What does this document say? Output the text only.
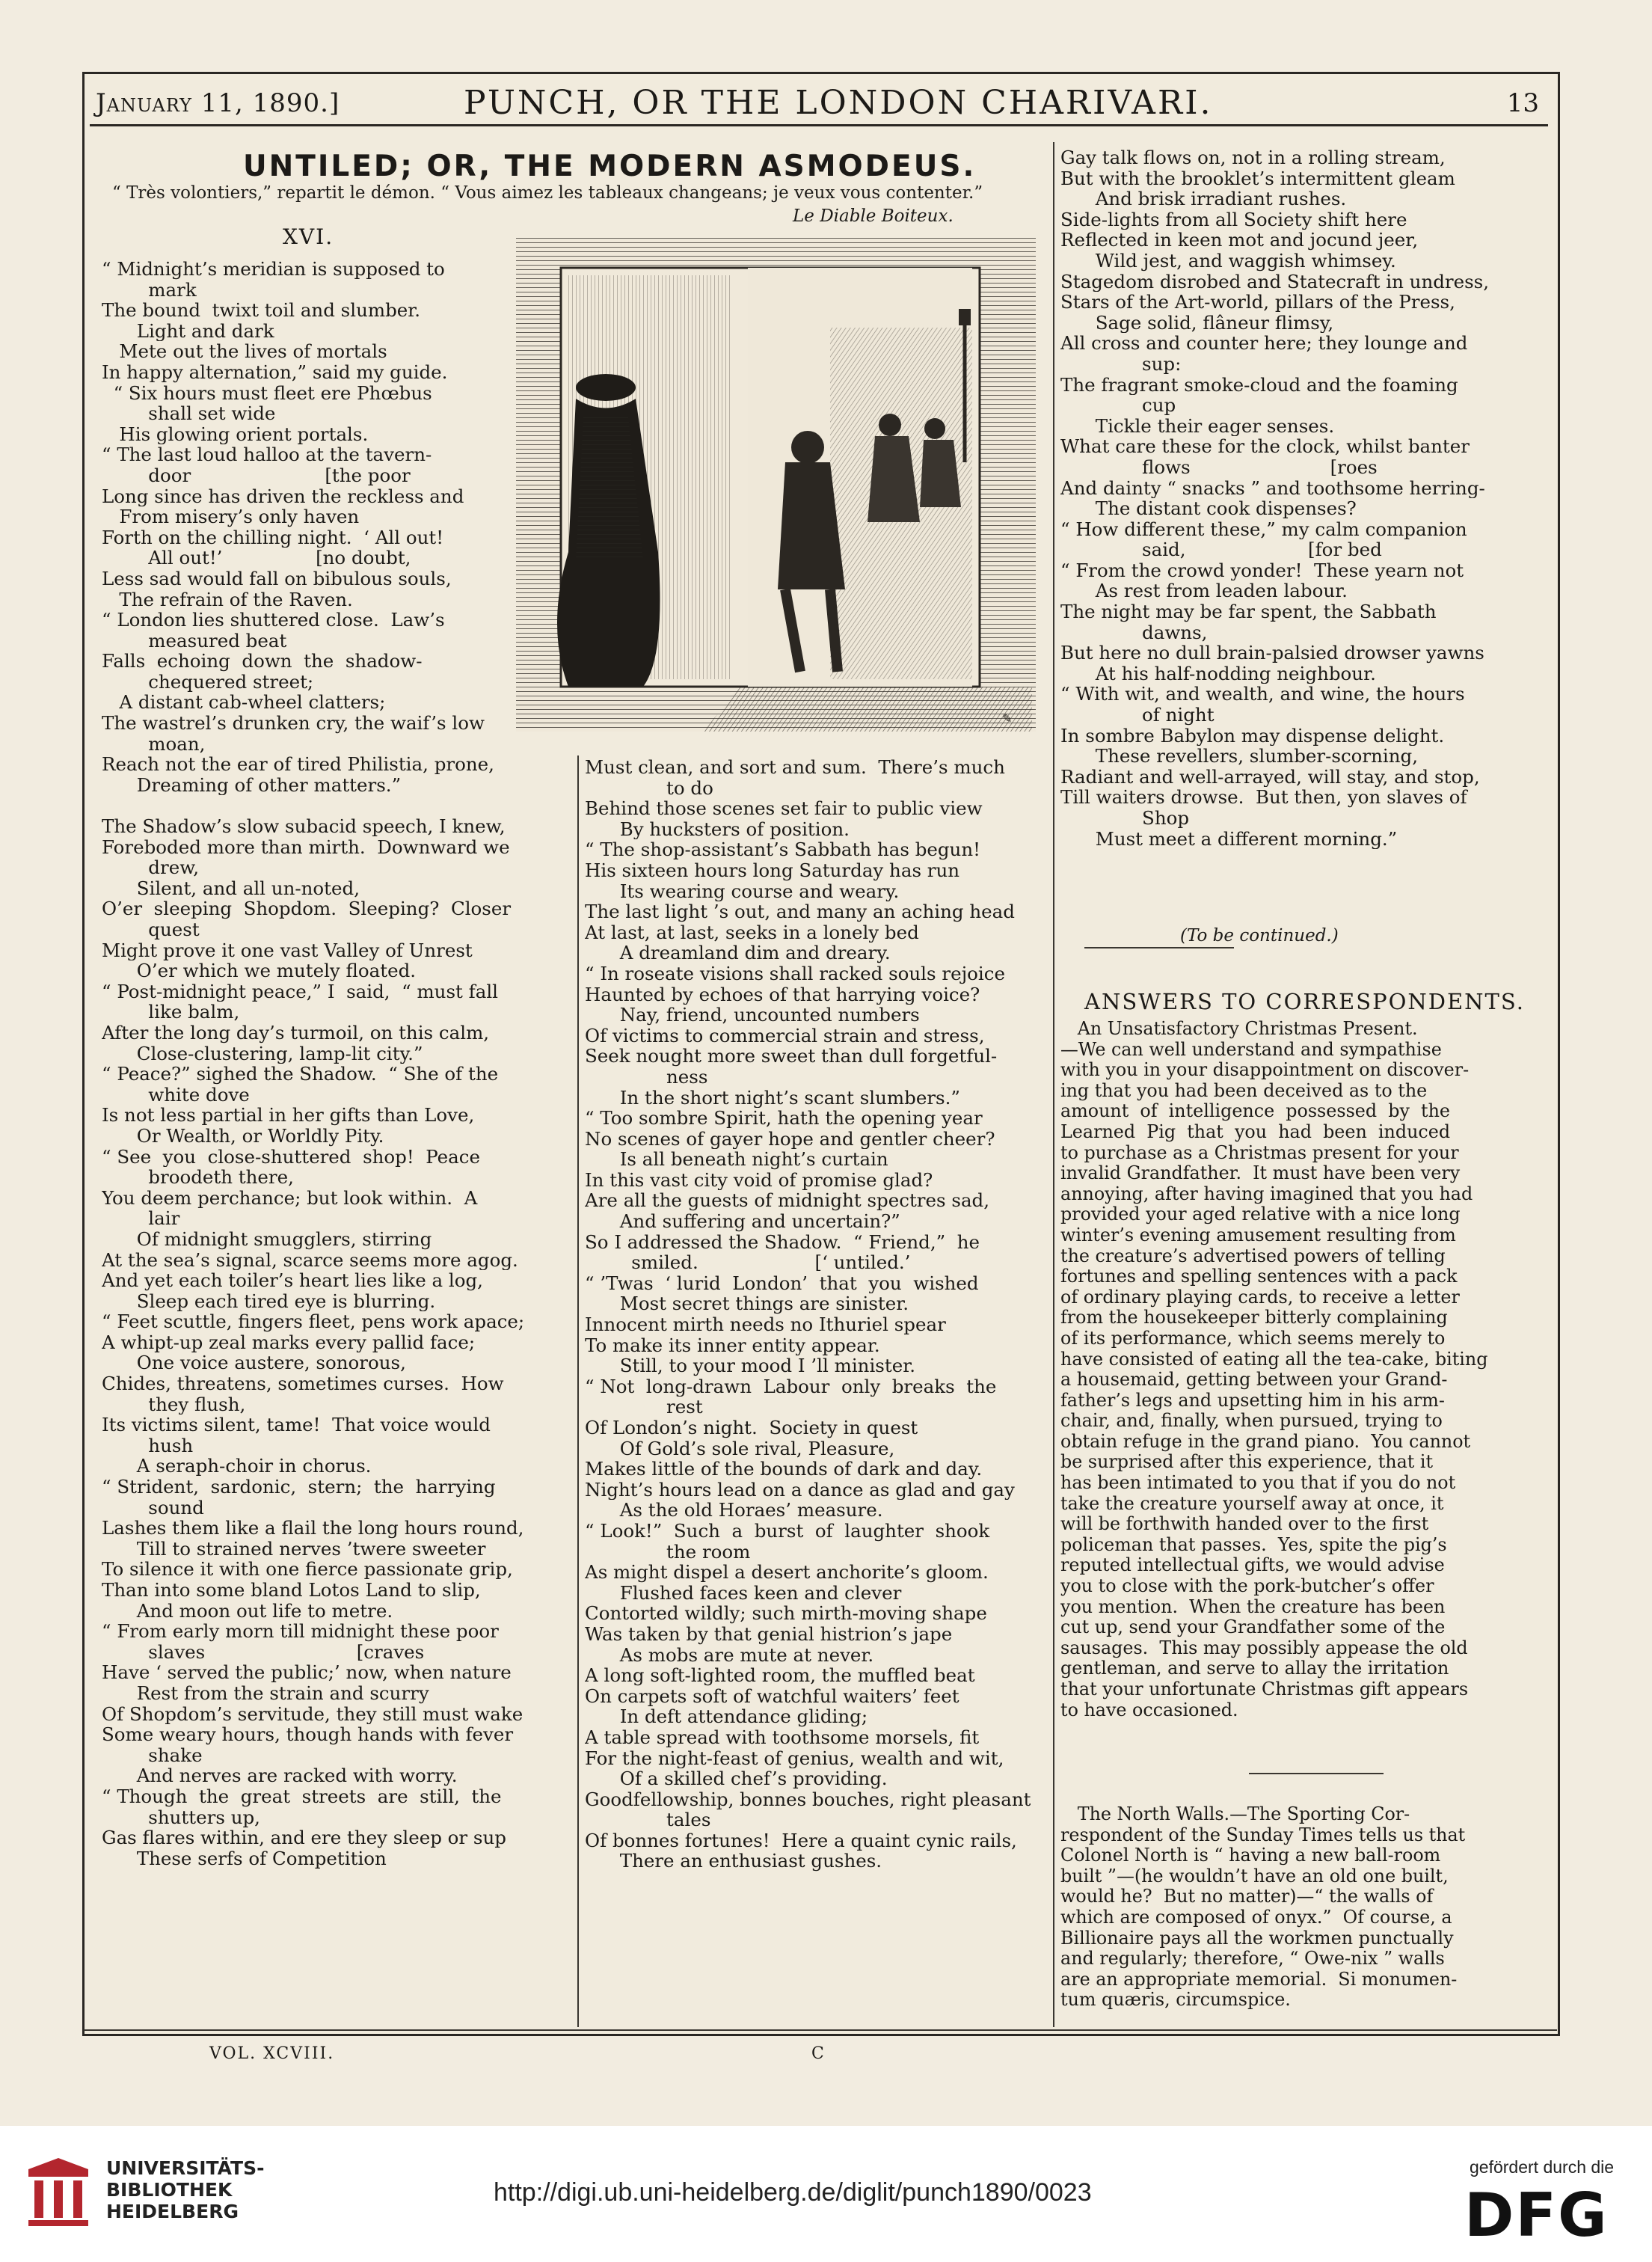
January 11, 1890.]	PUNCH, OR THE LONDON CHARIVARI.	13
UNTILED; OR, THE MODERN ASMODEUS.
“ Très volontiers,” repartit le démon. “ Vous aimez les tableaux changeans; je veux vous contenter.”
Le Diable Boiteux.
XVI.
✎
“ Midnight’s meridian is supposed to
mark
The bound  twixt toil and slumber.
Light and dark
Mete out the lives of mortals
In happy alternation,” said my guide.
“ Six hours must fleet ere Phœbus
shall set wide
His glowing orient portals.
“ The last loud halloo at the tavern-
door                       [the poor
Long since has driven the reckless and
From misery’s only haven
Forth on the chilling night.  ‘ All out!
All out!’                [no doubt,
Less sad would fall on bibulous souls,
The refrain of the Raven.
“ London lies shuttered close.  Law’s
measured beat
Falls  echoing  down  the  shadow-
chequered street;
A distant cab-wheel clatters;
The wastrel’s drunken cry, the waif’s low
moan,
Reach not the ear of tired Philistia, prone,
Dreaming of other matters.”
The Shadow’s slow subacid speech, I knew,
Foreboded more than mirth.  Downward we
drew,
Silent, and all un-noted,
O’er  sleeping  Shopdom.  Sleeping?  Closer
quest
Might prove it one vast Valley of Unrest
O’er which we mutely floated.
“ Post-midnight peace,” I  said,  “ must fall
like balm,
After the long day’s turmoil, on this calm,
Close-clustering, lamp-lit city.”
“ Peace?” sighed the Shadow.  “ She of the
white dove
Is not less partial in her gifts than Love,
Or Wealth, or Worldly Pity.
“ See  you  close-shuttered  shop!  Peace
broodeth there,
You deem perchance; but look within.  A
lair
Of midnight smugglers, stirring
At the sea’s signal, scarce seems more agog.
And yet each toiler’s heart lies like a log,
Sleep each tired eye is blurring.
“ Feet scuttle, fingers fleet, pens work apace;
A whipt-up zeal marks every pallid face;
One voice austere, sonorous,
Chides, threatens, sometimes curses.  How
they flush,
Its victims silent, tame!  That voice would
hush
A seraph-choir in chorus.
“ Strident,  sardonic,  stern;  the  harrying
sound
Lashes them like a flail the long hours round,
Till to strained nerves ’twere sweeter
To silence it with one fierce passionate grip,
Than into some bland Lotos Land to slip,
And moon out life to metre.
“ From early morn till midnight these poor
slaves                          [craves
Have ‘ served the public;’ now, when nature
Rest from the strain and scurry
Of Shopdom’s servitude, they still must wake
Some weary hours, though hands with fever
shake
And nerves are racked with worry.
“ Though  the  great  streets  are  still,  the
shutters up,
Gas flares within, and ere they sleep or sup
These serfs of Competition
Must clean, and sort and sum.  There’s much
to do
Behind those scenes set fair to public view
By hucksters of position.
“ The shop-assistant’s Sabbath has begun!
His sixteen hours long Saturday has run
Its wearing course and weary.
The last light ’s out, and many an aching head
At last, at last, seeks in a lonely bed
A dreamland dim and dreary.
“ In roseate visions shall racked souls rejoice
Haunted by echoes of that harrying voice?
Nay, friend, uncounted numbers
Of victims to commercial strain and stress,
Seek nought more sweet than dull forgetful-
ness
In the short night’s scant slumbers.”
“ Too sombre Spirit, hath the opening year
No scenes of gayer hope and gentler cheer?
Is all beneath night’s curtain
In this vast city void of promise glad?
Are all the guests of midnight spectres sad,
And suffering and uncertain?”
So I addressed the Shadow.  “ Friend,”  he
smiled.                    [‘ untiled.’
“ ’Twas  ‘ lurid  London’  that  you  wished
Most secret things are sinister.
Innocent mirth needs no Ithuriel spear
To make its inner entity appear.
Still, to your mood I ’ll minister.
“ Not  long-drawn  Labour  only  breaks  the
rest
Of London’s night.  Society in quest
Of Gold’s sole rival, Pleasure,
Makes little of the bounds of dark and day.
Night’s hours lead on a dance as glad and gay
As the old Horaes’ measure.
“ Look!”  Such  a  burst  of  laughter  shook
the room
As might dispel a desert anchorite’s gloom.
Flushed faces keen and clever
Contorted wildly; such mirth-moving shape
Was taken by that genial histrion’s jape
As mobs are mute at never.
A long soft-lighted room, the muffled beat
On carpets soft of watchful waiters’ feet
In deft attendance gliding;
A table spread with toothsome morsels, fit
For the night-feast of genius, wealth and wit,
Of a skilled chef’s providing.
Goodfellowship, bonnes bouches, right pleasant
tales
Of bonnes fortunes!  Here a quaint cynic rails,
There an enthusiast gushes.
Gay talk flows on, not in a rolling stream,
But with the brooklet’s intermittent gleam
And brisk irradiant rushes.
Side-lights from all Society shift here
Reflected in keen mot and jocund jeer,
Wild jest, and waggish whimsey.
Stagedom disrobed and Statecraft in undress,
Stars of the Art-world, pillars of the Press,
Sage solid, flâneur flimsy,
All cross and counter here; they lounge and
sup:
The fragrant smoke-cloud and the foaming
cup
Tickle their eager senses.
What care these for the clock, whilst banter
flows                        [roes
And dainty “ snacks ” and toothsome herring-
The distant cook dispenses?
“ How different these,” my calm companion
said,                     [for bed
“ From the crowd yonder!  These yearn not
As rest from leaden labour.
The night may be far spent, the Sabbath
dawns,
But here no dull brain-palsied drowser yawns
At his half-nodding neighbour.
“ With wit, and wealth, and wine, the hours
of night
In sombre Babylon may dispense delight.
These revellers, slumber-scorning,
Radiant and well-arrayed, will stay, and stop,
Till waiters drowse.  But then, yon slaves of
Shop
Must meet a different morning.”
(To be continued.)
ANSWERS TO CORRESPONDENTS.
An Unsatisfactory Christmas Present.
—We can well understand and sympathise
with you in your disappointment on discover-
ing that you had been deceived as to the
amount  of  intelligence  possessed  by  the
Learned  Pig  that  you  had  been  induced
to purchase as a Christmas present for your
invalid Grandfather.  It must have been very
annoying, after having imagined that you had
provided your aged relative with a nice long
winter’s evening amusement resulting from
the creature’s advertised powers of telling
fortunes and spelling sentences with a pack
of ordinary playing cards, to receive a letter
from the housekeeper bitterly complaining
of its performance, which seems merely to
have consisted of eating all the tea-cake, biting
a housemaid, getting between your Grand-
father’s legs and upsetting him in his arm-
chair, and, finally, when pursued, trying to
obtain refuge in the grand piano.  You cannot
be surprised after this experience, that it
has been intimated to you that if you do not
take the creature yourself away at once, it
will be forthwith handed over to the first
policeman that passes.  Yes, spite the pig’s
reputed intellectual gifts, we would advise
you to close with the pork-butcher’s offer
you mention.  When the creature has been
cut up, send your Grandfather some of the
sausages.  This may possibly appease the old
gentleman, and serve to allay the irritation
that your unfortunate Christmas gift appears
to have occasioned.
The North Walls.—The Sporting Cor-
respondent of the Sunday Times tells us that
Colonel North is “ having a new ball-room
built ”—(he wouldn’t have an old one built,
would he?  But no matter)—“ the walls of
which are composed of onyx.”  Of course, a
Billionaire pays all the workmen punctually
and regularly; therefore, “ Owe-nix ” walls
are an appropriate memorial.  Si monumen-
tum quæris, circumspice.
VOL. XCVIII.	C
UNIVERSITÄTS-
BIBLIOTHEK
HEIDELBERG
http://digi.ub.uni-heidelberg.de/diglit/punch1890/0023
gefördert durch die
DFG
